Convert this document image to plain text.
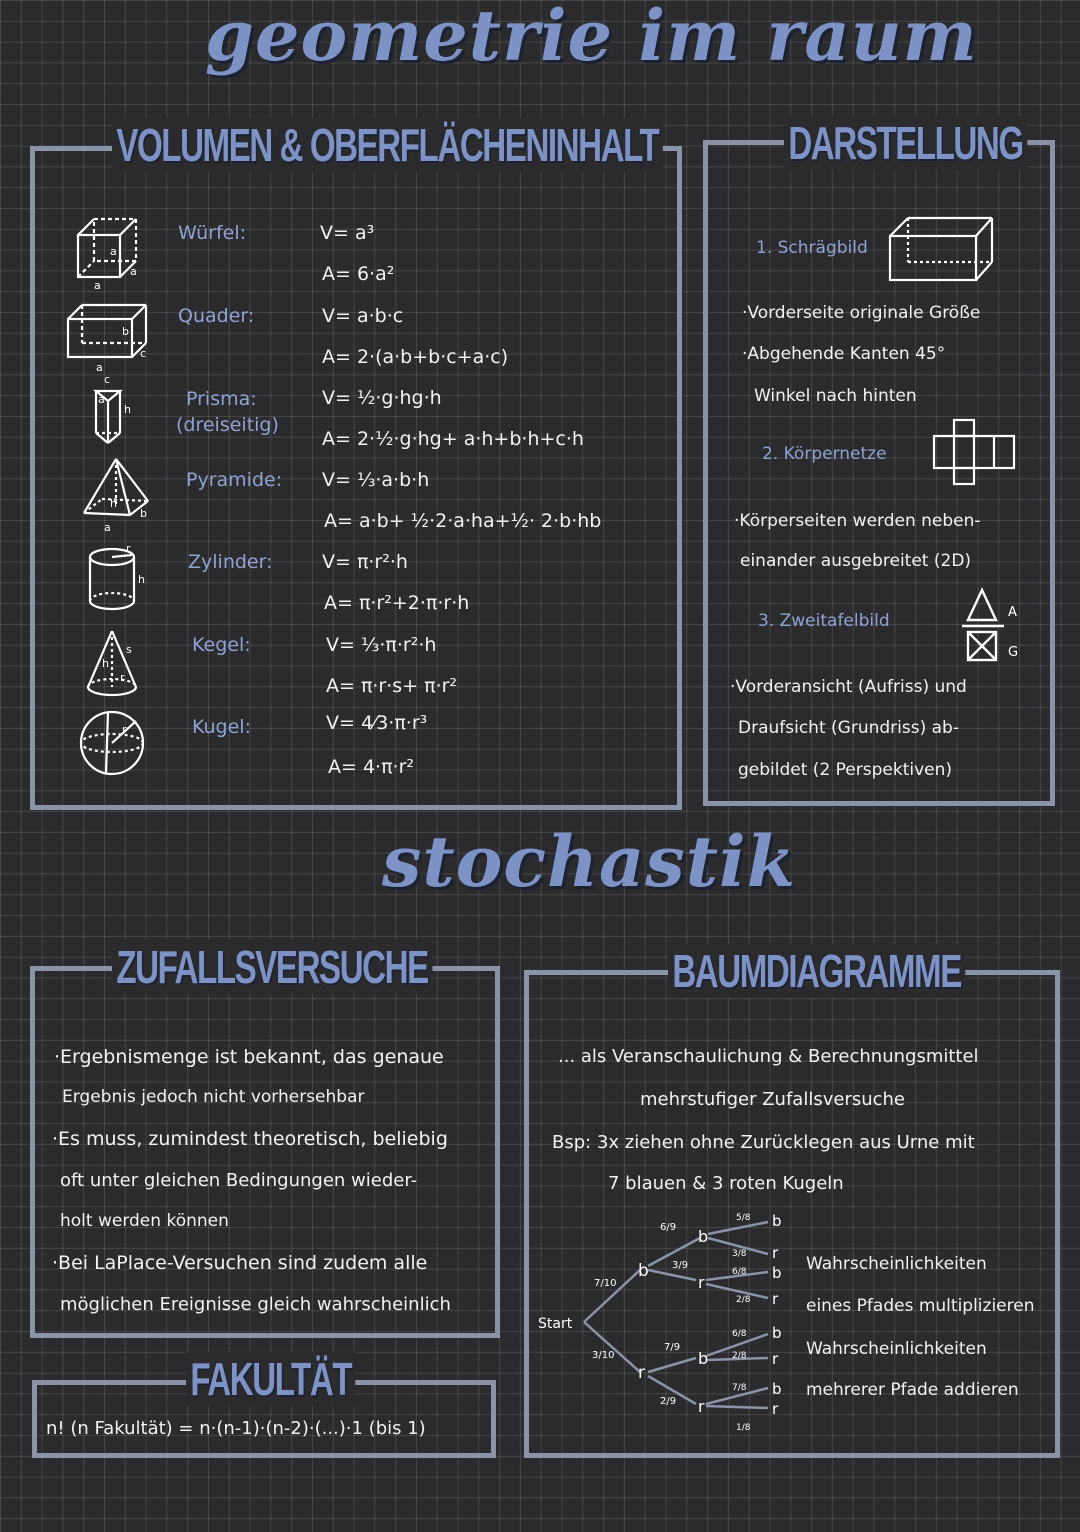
geometrie im raum
VOLUMEN & OBERFLÄCHENINHALT
a
a
a
b
c
a
c
a
h
h
b
a
h
r
s
h
r
r
Würfel:
Quader:
Prisma:
(dreiseitig)
Pyramide:
Zylinder:
Kegel:
Kugel:
V= a³
A= 6·a²
V= a·b·c
A= 2·(a·b+b·c+a·c)
V= ½·g·hg·h
A= 2·½·g·hg+ a·h+b·h+c·h
V= ⅓·a·b·h
A= a·b+ ½·2·a·ha+½· 2·b·hb
V= π·r²·h
A= π·r²+2·π·r·h
V= ⅓·π·r²·h
A= π·r·s+ π·r²
V= 4⁄3·π·r³
A= 4·π·r²
DARSTELLUNG
1. Schrägbild
·Vorderseite originale Größe
·Abgehende Kanten 45°
Winkel nach hinten
2. Körpernetze
·Körperseiten werden neben-
einander ausgebreitet (2D)
3. Zweitafelbild	A
G
·Vorderansicht (Aufriss) und
Draufsicht (Grundriss) ab-
gebildet (2 Perspektiven)
stochastik
ZUFALLSVERSUCHE
·Ergebnismenge ist bekannt, das genaue
Ergebnis jedoch nicht vorhersehbar
·Es muss, zumindest theoretisch, beliebig
oft unter gleichen Bedingungen wieder-
holt werden können
·Bei LaPlace-Versuchen sind zudem alle
möglichen Ereignisse gleich wahrscheinlich
FAKULTÄT
n! (n Fakultät) = n·(n-1)·(n-2)·(...)·1 (bis 1)
BAUMDIAGRAMME
... als Veranschaulichung & Berechnungsmittel
mehrstufiger Zufallsversuche
Bsp: 3x ziehen ohne Zurücklegen aus Urne mit
7 blauen & 3 roten Kugeln
Start
b
r
7/10
3/10
b
r
b
r
6/9
3/9
7/9
2/9
b
r
b
r
b
r
b
r
5/8
3/8
6/8
2/8
6/8
2/8
7/8
1/8
Wahrscheinlichkeiten
eines Pfades multiplizieren
Wahrscheinlichkeiten
mehrerer Pfade addieren
